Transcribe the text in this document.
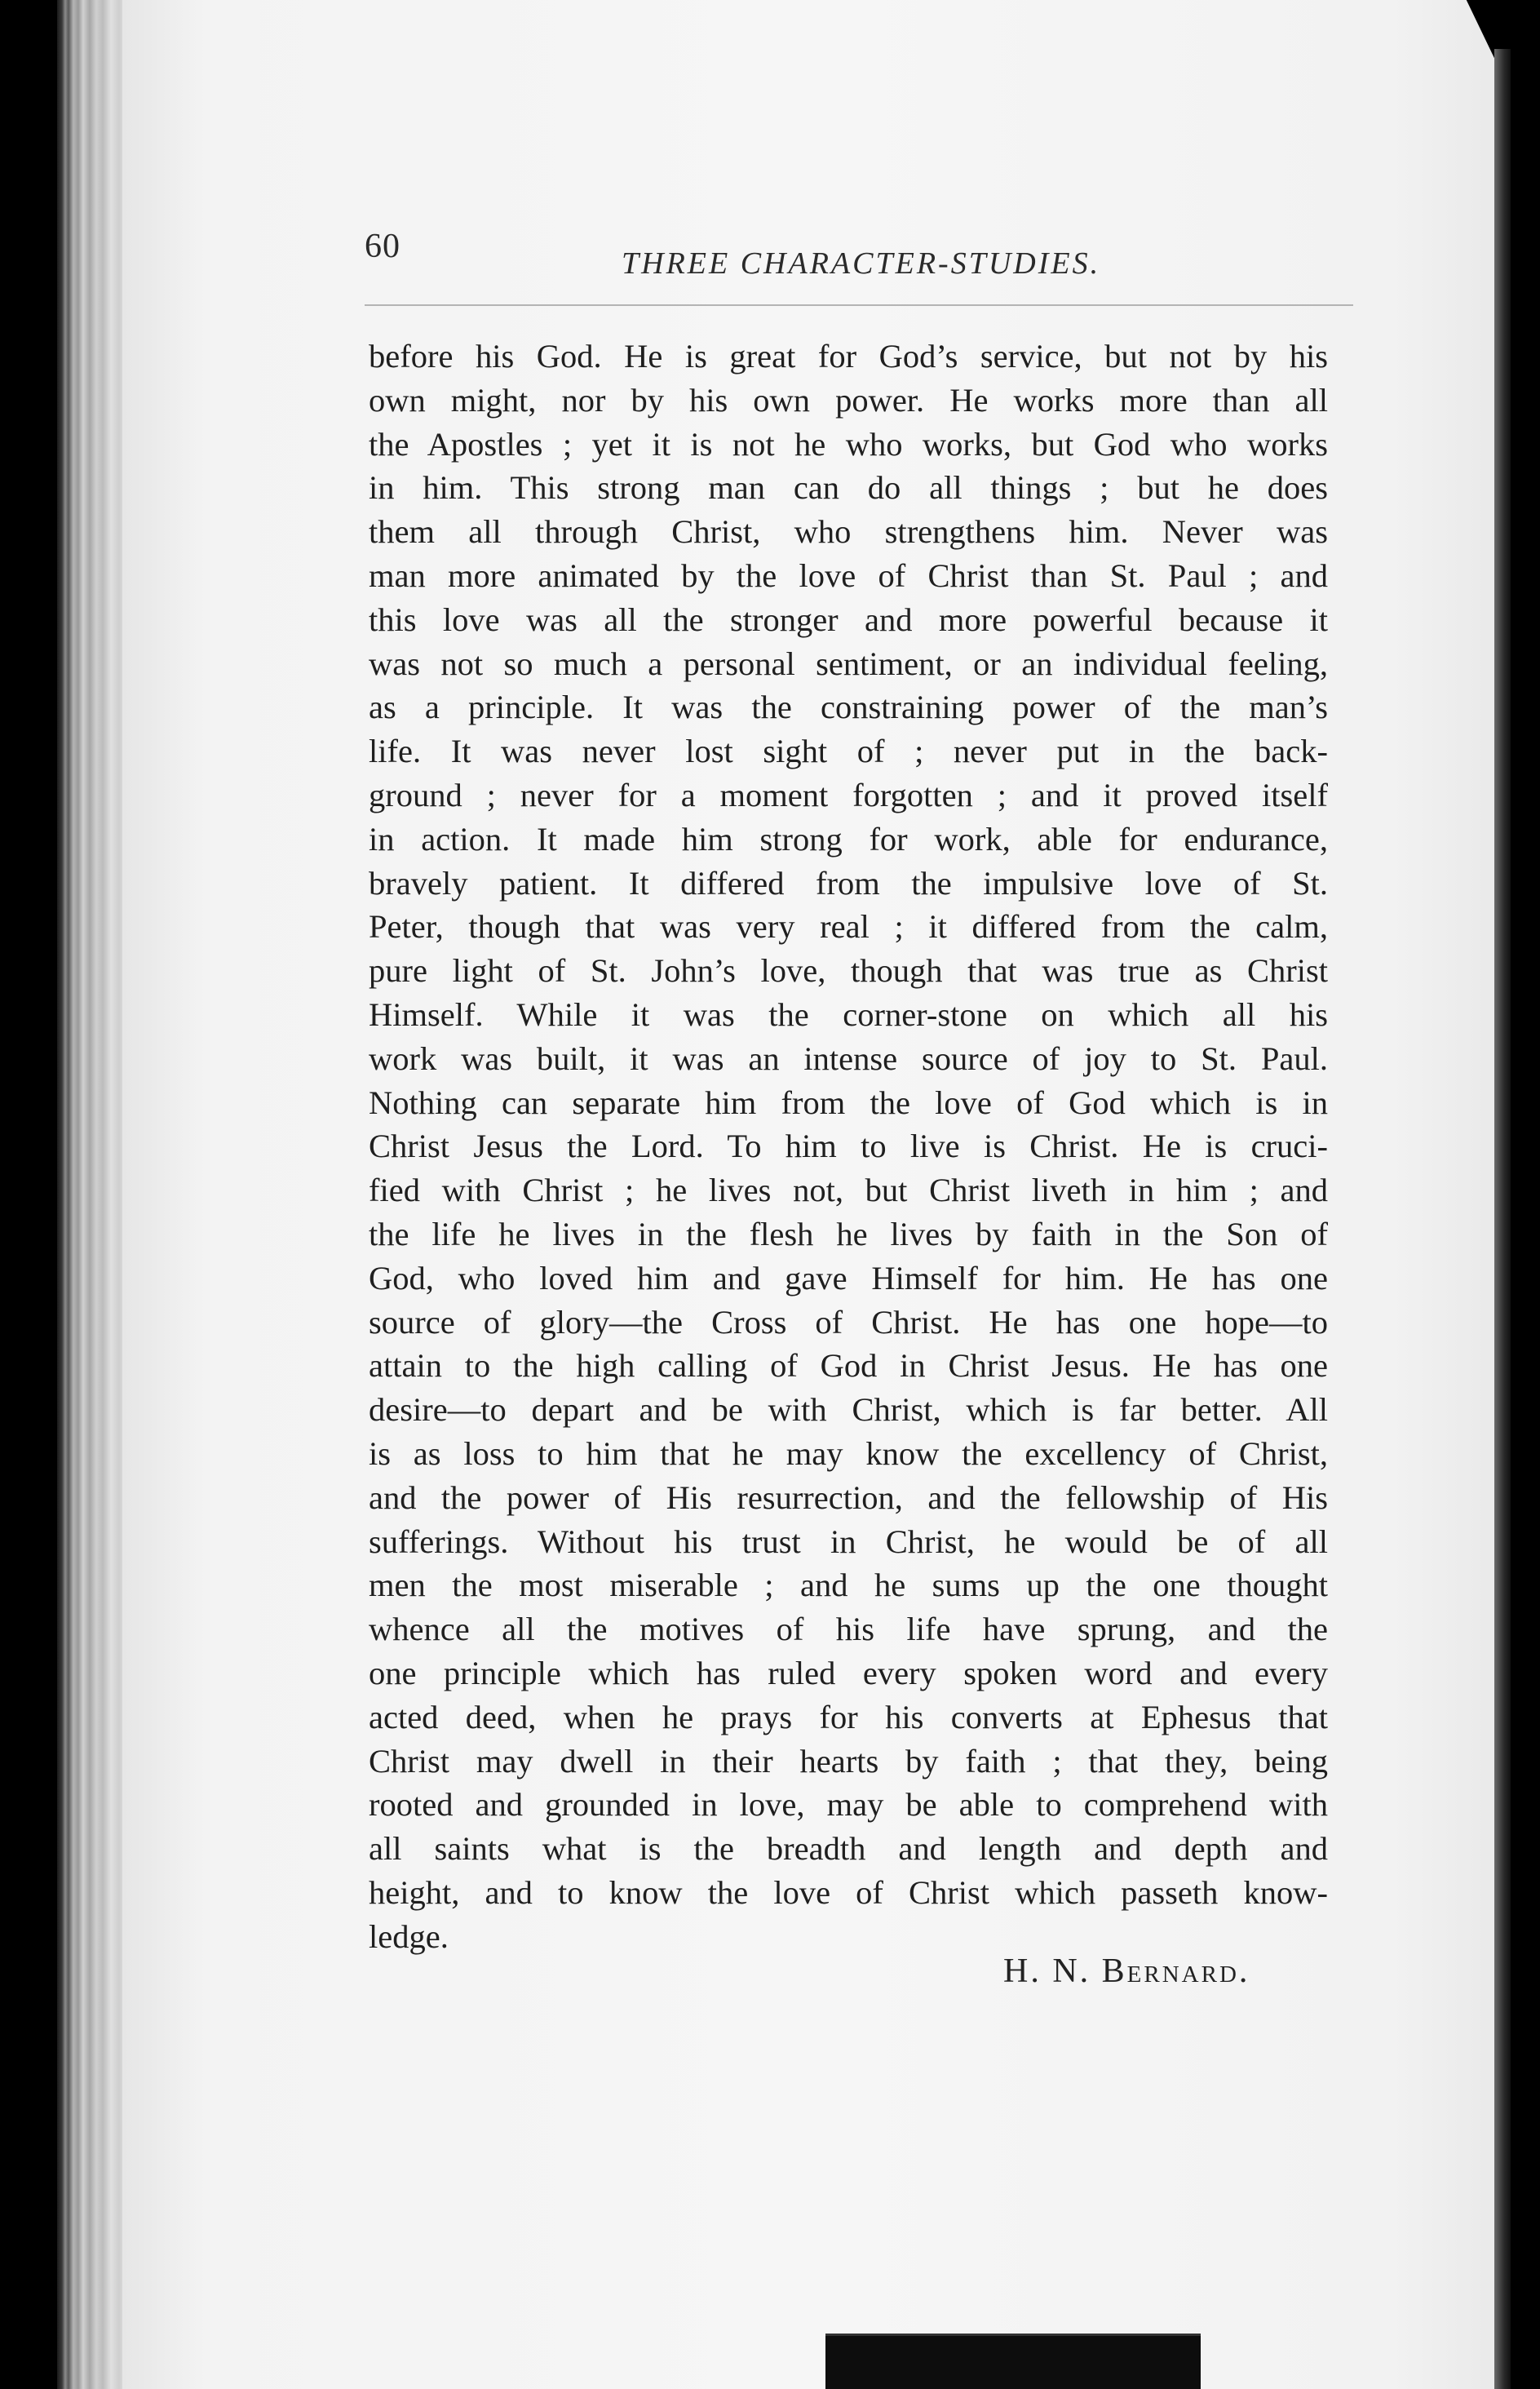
60	THREE CHARACTER-STUDIES.
before his God. He is great for God’s service, but not by his
own might, nor by his own power. He works more than all
the Apostles ; yet it is not he who works, but God who works
in him. This strong man can do all things ; but he does
them all through Christ, who strengthens him. Never was
man more animated by the love of Christ than St. Paul ; and
this love was all the stronger and more powerful because it
was not so much a personal sentiment, or an individual feeling,
as a principle. It was the constraining power of the man’s
life. It was never lost sight of ; never put in the back-
ground ; never for a moment forgotten ; and it proved itself
in action. It made him strong for work, able for endurance,
bravely patient. It differed from the impulsive love of St.
Peter, though that was very real ; it differed from the calm,
pure light of St. John’s love, though that was true as Christ
Himself. While it was the corner-stone on which all his
work was built, it was an intense source of joy to St. Paul.
Nothing can separate him from the love of God which is in
Christ Jesus the Lord. To him to live is Christ. He is cruci-
fied with Christ ; he lives not, but Christ liveth in him ; and
the life he lives in the flesh he lives by faith in the Son of
God, who loved him and gave Himself for him. He has one
source of glory—the Cross of Christ. He has one hope—to
attain to the high calling of God in Christ Jesus. He has one
desire—to depart and be with Christ, which is far better. All
is as loss to him that he may know the excellency of Christ,
and the power of His resurrection, and the fellowship of His
sufferings. Without his trust in Christ, he would be of all
men the most miserable ; and he sums up the one thought
whence all the motives of his life have sprung, and the
one principle which has ruled every spoken word and every
acted deed, when he prays for his converts at Ephesus that
Christ may dwell in their hearts by faith ; that they, being
rooted and grounded in love, may be able to comprehend with
all saints what is the breadth and length and depth and
height, and to know the love of Christ which passeth know-
ledge.
H. N. Bernard.
